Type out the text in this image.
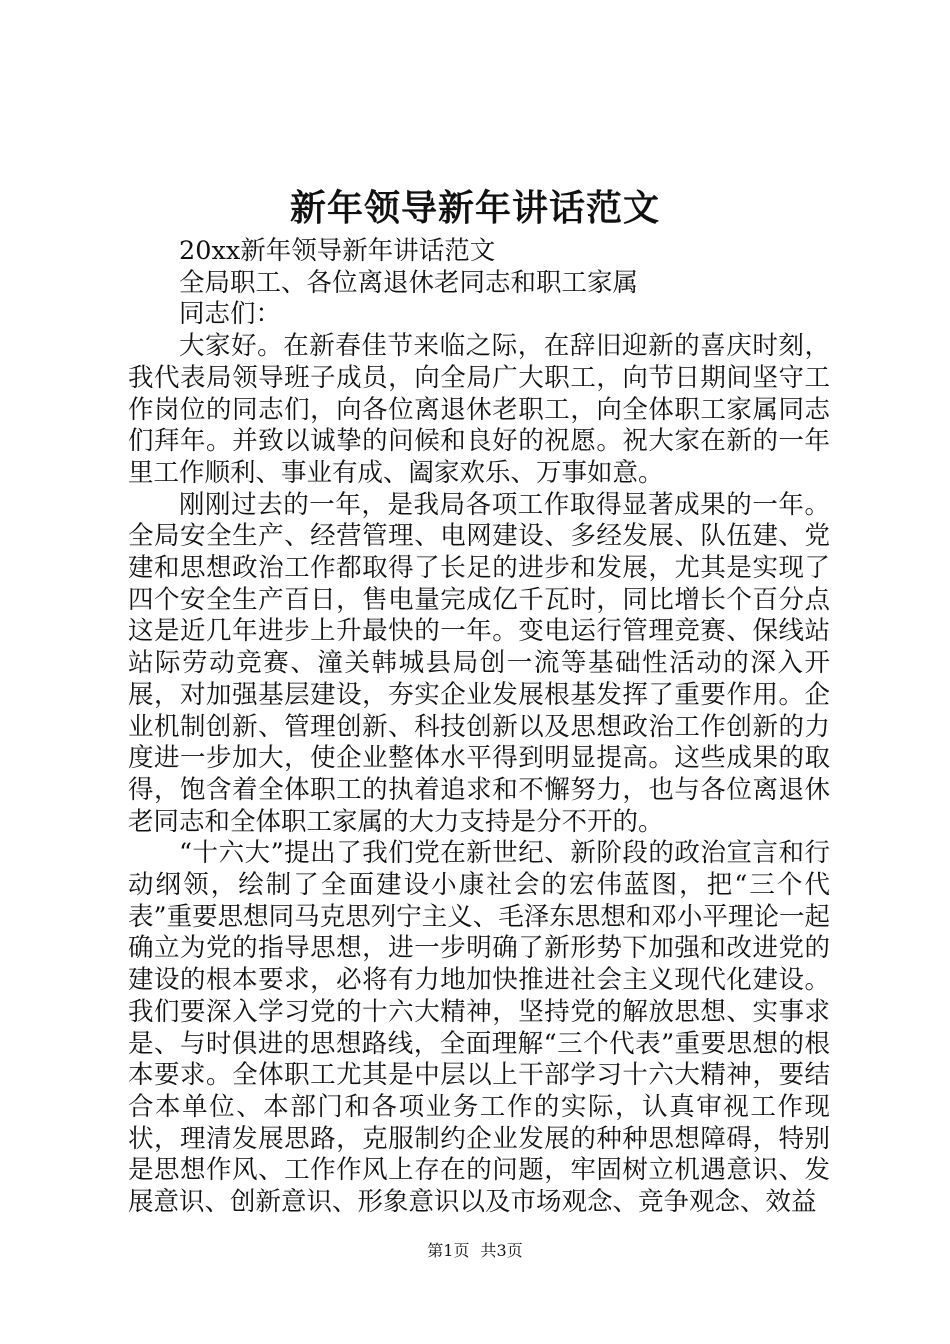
新年领导新年讲话范文

20xx新年领导新年讲话范文

全局职工、各位离退休老同志和职工家属

同志们：

大家好。在新春佳节来临之际，在辞旧迎新的喜庆时刻，我代表局领导班子成员，向全局广大职工，向节日期间坚守工作岗位的同志们，向各位离退休老职工，向全体职工家属同志们拜年。并致以诚挚的问候和良好的祝愿。祝大家在新的一年里工作顺利、事业有成、阖家欢乐、万事如意。

刚刚过去的一年，是我局各项工作取得显著成果的一年。全局安全生产、经营管理、电网建设、多经发展、队伍建、党建和思想政治工作都取得了长足的进步和发展，尤其是实现了四个安全生产百日，售电量完成亿千瓦时，同比增长个百分点这是近几年进步上升最快的一年。变电运行管理竞赛、保线站站际劳动竞赛、潼关韩城县局创一流等基础性活动的深入开展，对加强基层建设，夯实企业发展根基发挥了重要作用。企业机制创新、管理创新、科技创新以及思想政治工作创新的力度进一步加大，使企业整体水平得到明显提高。这些成果的取得，饱含着全体职工的执着追求和不懈努力，也与各位离退休老同志和全体职工家属的大力支持是分不开的。

“十六大”提出了我们党在新世纪、新阶段的政治宣言和行动纲领，绘制了全面建设小康社会的宏伟蓝图，把“三个代表”重要思想同马克思列宁主义、毛泽东思想和邓小平理论一起确立为党的指导思想，进一步明确了新形势下加强和改进党的建设的根本要求，必将有力地加快推进社会主义现代化建设。我们要深入学习党的十六大精神，坚持党的解放思想、实事求是、与时俱进的思想路线，全面理解“三个代表”重要思想的根本要求。全体职工尤其是中层以上干部学习十六大精神，要结合本单位、本部门和各项业务工作的实际，认真审视工作现状，理清发展思路，克服制约企业发展的种种思想障碍，特别是思想作风、工作作风上存在的问题，牢固树立机遇意识、发展意识、创新意识、形象意识以及市场观念、竞争观念、效益

第1页 共3页
